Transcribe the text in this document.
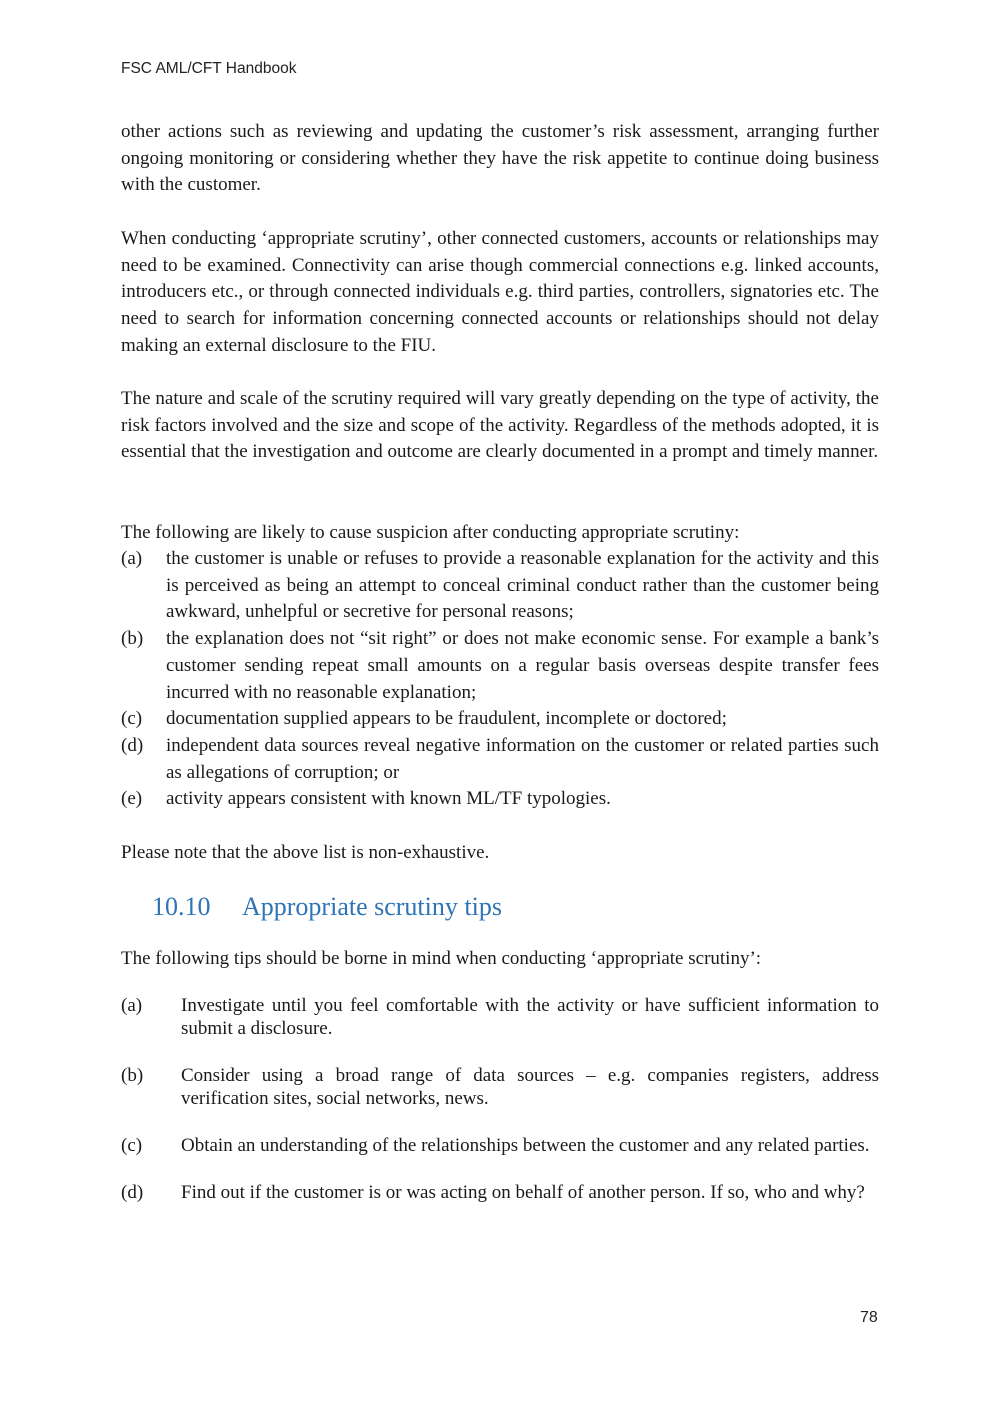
FSC AML/CFT Handbook

other actions such as reviewing and updating the customer’s risk assessment, arranging further ongoing monitoring or considering whether they have the risk appetite to continue doing business with the customer.

When conducting ‘appropriate scrutiny’, other connected customers, accounts or relationships may need to be examined. Connectivity can arise though commercial connections e.g. linked accounts, introducers etc., or through connected individuals e.g. third parties, controllers, signatories etc. The need to search for information concerning connected accounts or relationships should not delay making an external disclosure to the FIU.

The nature and scale of the scrutiny required will vary greatly depending on the type of activity, the risk factors involved and the size and scope of the activity. Regardless of the methods adopted, it is essential that the investigation and outcome are clearly documented in a prompt and timely manner.

The following are likely to cause suspicion after conducting appropriate scrutiny:

(a)	the customer is unable or refuses to provide a reasonable explanation for the activity and this is perceived as being an attempt to conceal criminal conduct rather than the customer being awkward, unhelpful or secretive for personal reasons;
(b)	the explanation does not “sit right” or does not make economic sense. For example a bank’s customer sending repeat small amounts on a regular basis overseas despite transfer fees incurred with no reasonable explanation;
(c)	documentation supplied appears to be fraudulent, incomplete or doctored;
(d)	independent data sources reveal negative information on the customer or related parties such as allegations of corruption; or
(e)	activity appears consistent with known ML/TF typologies.

Please note that the above list is non-exhaustive.

10.10	Appropriate scrutiny tips

The following tips should be borne in mind when conducting ‘appropriate scrutiny’:

(a)	Investigate until you feel comfortable with the activity or have sufficient information to submit a disclosure.
(b)	Consider using a broad range of data sources – e.g. companies registers, address verification sites, social networks, news.
(c)	Obtain an understanding of the relationships between the customer and any related parties.
(d)	Find out if the customer is or was acting on behalf of another person. If so, who and why?
78
